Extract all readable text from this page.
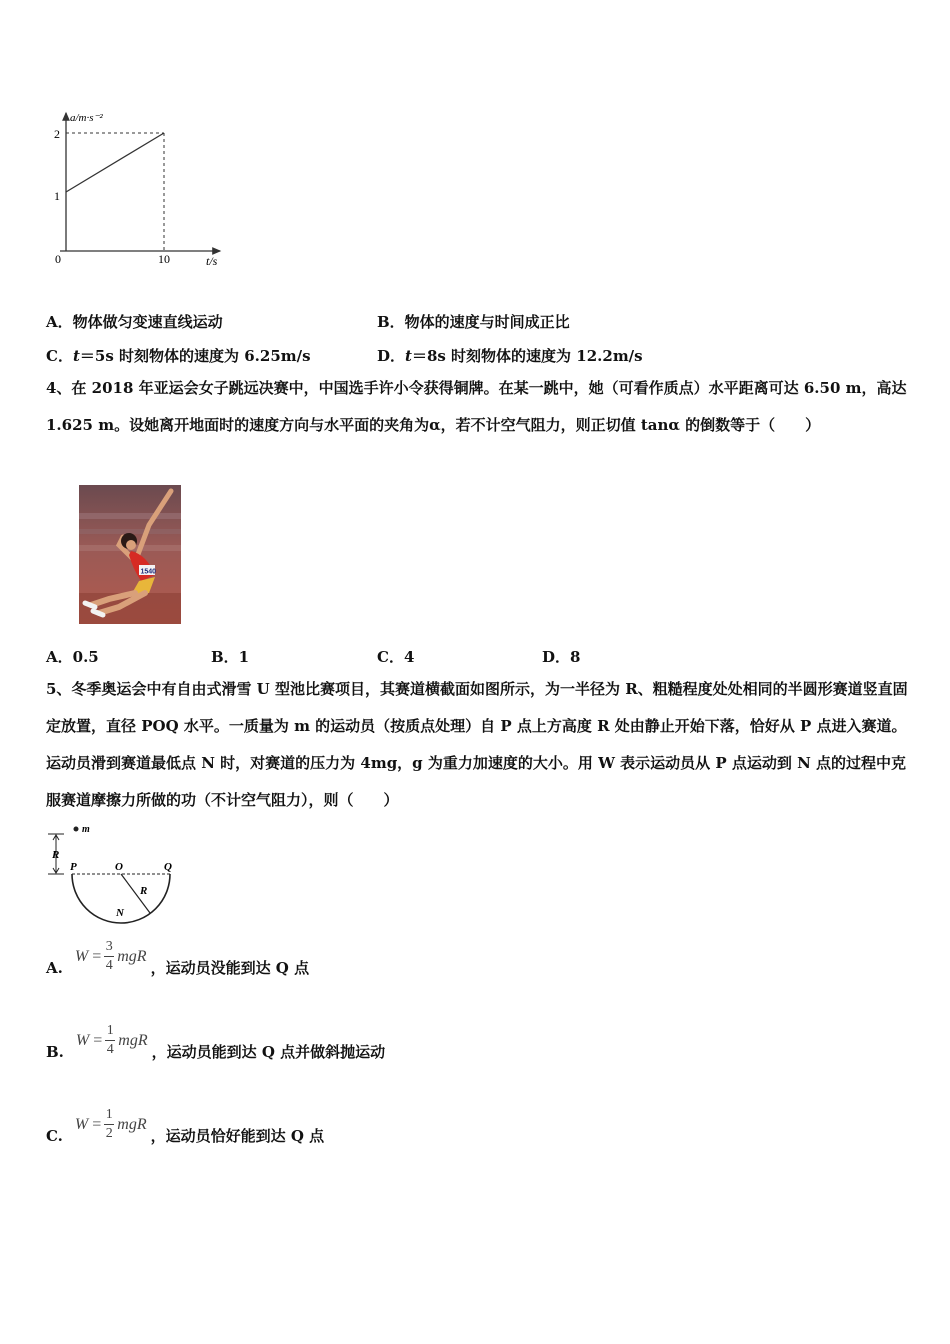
a/m·s⁻²
2
1
0	10	t/s
A．物体做匀变速直线运动	B．物体的速度与时间成正比
C．t＝5s 时刻物体的速度为 6.25m/s	D．t＝8s 时刻物体的速度为 12.2m/s
4、在 2018 年亚运会女子跳远决赛中，中国选手许小令获得铜牌。在某一跳中，她（可看作质点）水平距离可达 6.50 m，高达 1.625 m。设她离开地面时的速度方向与水平面的夹角为α，若不计空气阻力，则正切值 tanα 的倒数等于（　　）
1540
A．0.5	B．1	C．4	D．8
5、冬季奥运会中有自由式滑雪 U 型池比赛项目，其赛道横截面如图所示，为一半径为 R、粗糙程度处处相同的半圆形赛道竖直固定放置，直径 POQ 水平。一质量为 m 的运动员（按质点处理）自 P 点上方高度 R 处由静止开始下落，恰好从 P 点进入赛道。运动员滑到赛道最低点 N 时，对赛道的压力为 4mg，g 为重力加速度的大小。用 W 表示运动员从 P 点运动到 N 点的过程中克服赛道摩擦力所做的功（不计空气阻力），则（　　）
m
R
P	O	Q
R
N
A.
W
= $\frac{3}{4}$ mgR
，运动员没能到达 Q 点
B.
W
= $\frac{1}{4}$ mgR
，运动员能到达 Q 点并做斜抛运动
C.
W
= $\frac{1}{2}$ mgR
，运动员恰好能到达 Q 点
